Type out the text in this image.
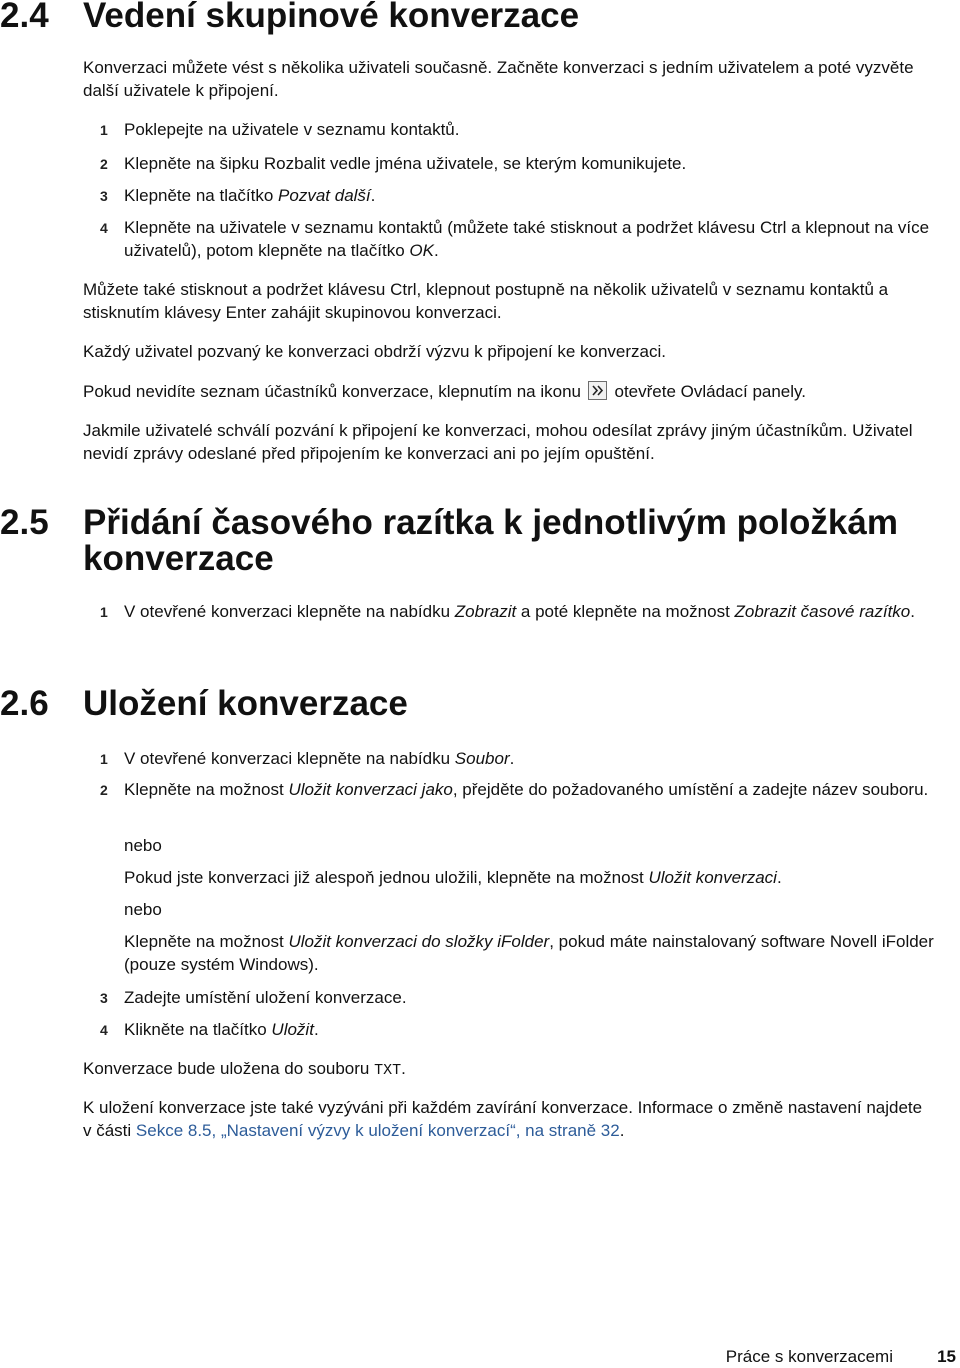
2.4 Vedení skupinové konverzace

Konverzaci můžete vést s několika uživateli současně. Začněte konverzaci s jedním uživatelem a poté vyzvěte další uživatele k připojení.

1 Poklepejte na uživatele v seznamu kontaktů.
2 Klepněte na šipku Rozbalit vedle jména uživatele, se kterým komunikujete.
3 Klepněte na tlačítko Pozvat další.
4 Klepněte na uživatele v seznamu kontaktů (můžete také stisknout a podržet klávesu Ctrl a klepnout na více uživatelů), potom klepněte na tlačítko OK.

Můžete také stisknout a podržet klávesu Ctrl, klepnout postupně na několik uživatelů v seznamu kontaktů a stisknutím klávesy Enter zahájit skupinovou konverzaci.

Každý uživatel pozvaný ke konverzaci obdrží výzvu k připojení ke konverzaci.

Pokud nevidíte seznam účastníků konverzace, klepnutím na ikonu otevřete Ovládací panely.

Jakmile uživatelé schválí pozvání k připojení ke konverzaci, mohou odesílat zprávy jiným účastníkům. Uživatel nevidí zprávy odeslané před připojením ke konverzaci ani po jejím opuštění.

2.5 Přidání časového razítka k jednotlivým položkám konverzace
1 V otevřené konverzaci klepněte na nabídku Zobrazit a poté klepněte na možnost Zobrazit časové razítko.
2.6 Uložení konverzace
1 V otevřené konverzaci klepněte na nabídku Soubor.
2 Klepněte na možnost Uložit konverzaci jako, přejděte do požadovaného umístění a zadejte název souboru.

nebo

Pokud jste konverzaci již alespoň jednou uložili, klepněte na možnost Uložit konverzaci.

nebo

Klepněte na možnost Uložit konverzaci do složky iFolder, pokud máte nainstalovaný software Novell iFolder (pouze systém Windows).

3 Zadejte umístění uložení konverzace.
4 Klikněte na tlačítko Uložit.

Konverzace bude uložena do souboru TXT.

K uložení konverzace jste také vyzýváni při každém zavírání konverzace. Informace o změně nastavení najdete v části Sekce 8.5, „Nastavení výzvy k uložení konverzací“, na straně 32.

Práce s konverzacemi	15
